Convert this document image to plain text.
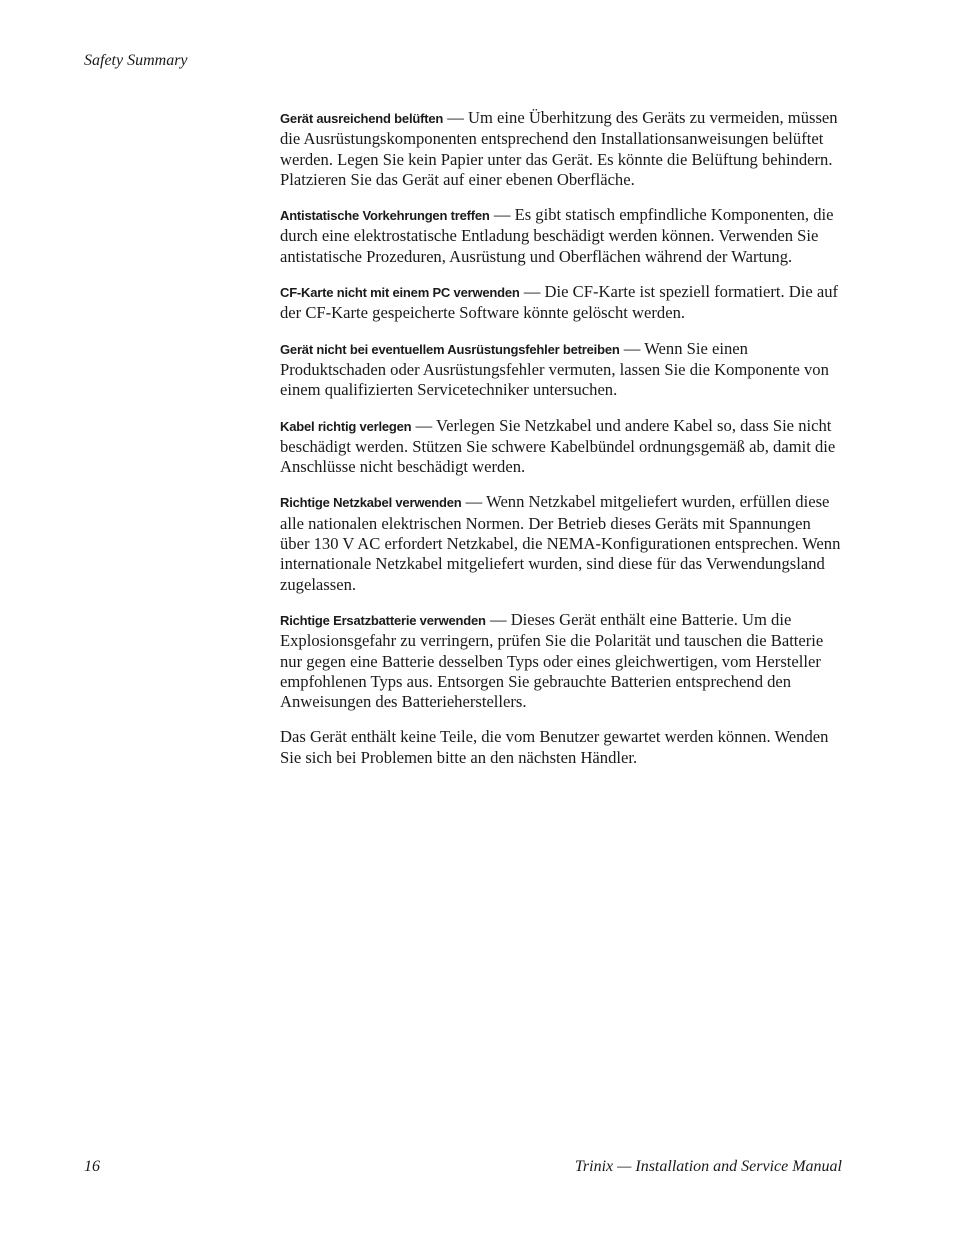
Safety Summary

Gerät ausreichend belüften — Um eine Überhitzung des Geräts zu vermeiden, müssen die Ausrüstungskomponenten entsprechend den Installationsanweisungen belüftet werden. Legen Sie kein Papier unter das Gerät. Es könnte die Belüftung behindern. Platzieren Sie das Gerät auf einer ebenen Oberfläche.

Antistatische Vorkehrungen treffen — Es gibt statisch empfindliche Komponenten, die durch eine elektrostatische Entladung beschädigt werden können. Verwenden Sie antistatische Prozeduren, Ausrüstung und Oberflächen während der Wartung.

CF-Karte nicht mit einem PC verwenden — Die CF-Karte ist speziell formatiert. Die auf der CF-Karte gespeicherte Software könnte gelöscht werden.

Gerät nicht bei eventuellem Ausrüstungsfehler betreiben — Wenn Sie einen Produktschaden oder Ausrüstungsfehler vermuten, lassen Sie die Komponente von einem qualifizierten Servicetechniker untersuchen.

Kabel richtig verlegen — Verlegen Sie Netzkabel und andere Kabel so, dass Sie nicht beschädigt werden. Stützen Sie schwere Kabelbündel ordnungsgemäß ab, damit die Anschlüsse nicht beschädigt werden.

Richtige Netzkabel verwenden — Wenn Netzkabel mitgeliefert wurden, erfüllen diese alle nationalen elektrischen Normen. Der Betrieb dieses Geräts mit Spannungen über 130 V AC erfordert Netzkabel, die NEMA-Konfigurationen entsprechen. Wenn internationale Netzkabel mitgeliefert wurden, sind diese für das Verwendungsland zugelassen.

Richtige Ersatzbatterie verwenden — Dieses Gerät enthält eine Batterie. Um die Explosionsgefahr zu verringern, prüfen Sie die Polarität und tauschen die Batterie nur gegen eine Batterie desselben Typs oder eines gleichwertigen, vom Hersteller empfohlenen Typs aus. Entsorgen Sie gebrauchte Batterien entsprechend den Anweisungen des Batterieherstellers.

Das Gerät enthält keine Teile, die vom Benutzer gewartet werden können. Wenden Sie sich bei Problemen bitte an den nächsten Händler.

16	Trinix — Installation and Service Manual
